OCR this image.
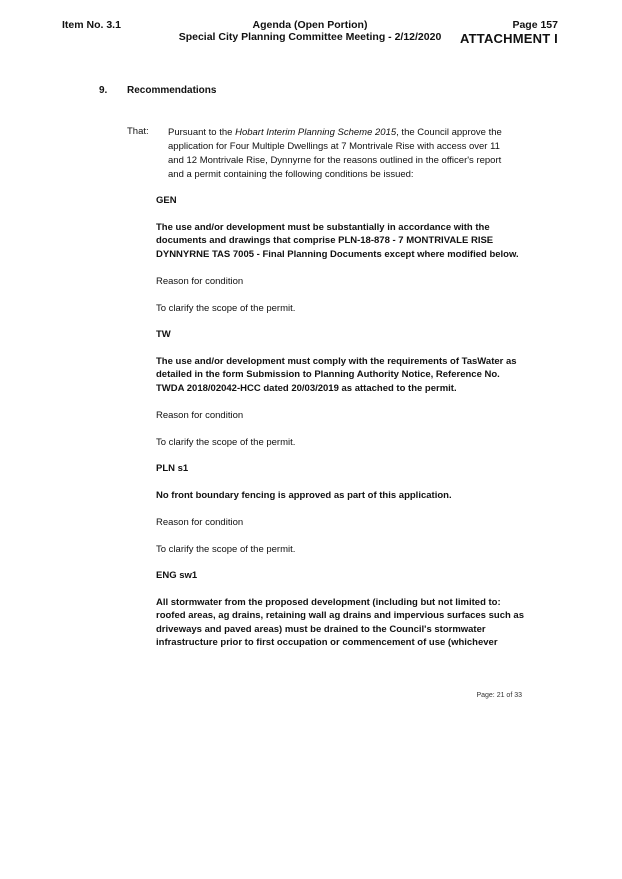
Item No. 3.1	Agenda (Open Portion)
Special City Planning Committee Meeting - 2/12/2020
Page 157
ATTACHMENT I
9. Recommendations
That: Pursuant to the Hobart Interim Planning Scheme 2015, the Council approve the application for Four Multiple Dwellings at 7 Montrivale Rise with access over 11 and 12 Montrivale Rise, Dynnyrne for the reasons outlined in the officer's report and a permit containing the following conditions be issued:

GEN

The use and/or development must be substantially in accordance with the documents and drawings that comprise PLN-18-878 - 7 MONTRIVALE RISE DYNNYRNE TAS 7005 - Final Planning Documents except where modified below.

Reason for condition

To clarify the scope of the permit.

TW

The use and/or development must comply with the requirements of TasWater as detailed in the form Submission to Planning Authority Notice, Reference No. TWDA 2018/02042-HCC dated 20/03/2019 as attached to the permit.

Reason for condition

To clarify the scope of the permit.

PLN s1

No front boundary fencing is approved as part of this application.

Reason for condition

To clarify the scope of the permit.

ENG sw1

All stormwater from the proposed development (including but not limited to: roofed areas, ag drains, retaining wall ag drains and impervious surfaces such as driveways and paved areas) must be drained to the Council's stormwater infrastructure prior to first occupation or commencement of use (whichever

Page: 21 of 33
